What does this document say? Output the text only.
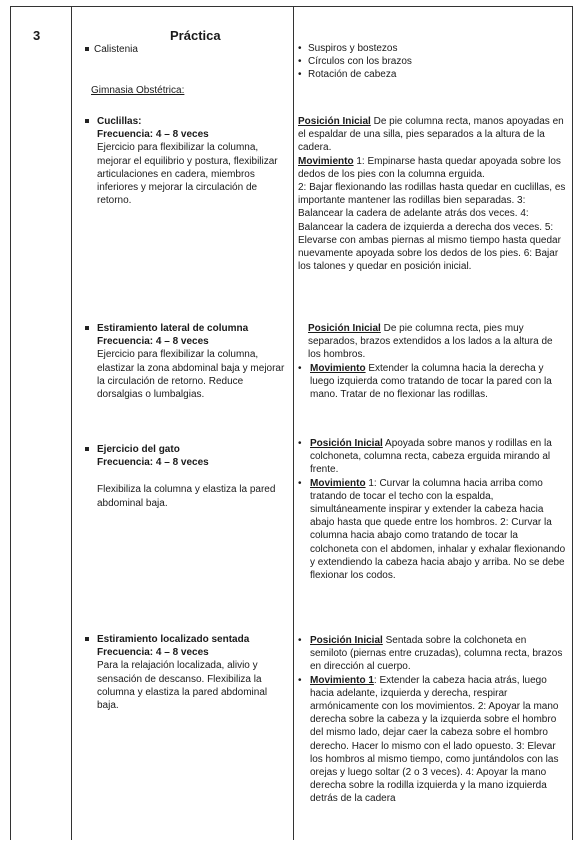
3	Práctica
Calistenia
•	Suspiros y bostezos
• Círculos con los brazos
• Rotación de cabeza
Gimnasia Obstétrica:

Cuclillas:

Frecuencia: 4 – 8 veces

Ejercicio para flexibilizar la columna, mejorar el equilibrio y postura, flexibilizar articulaciones en cadera, miembros inferiores y mejorar la circulación de retorno.

Posición Inicial De pie columna recta, manos apoyadas en el espaldar de una silla, pies separados a la altura de la cadera.

Movimiento 1: Empinarse hasta quedar apoyada sobre los dedos de los pies con la columna erguida.

2: Bajar flexionando las rodillas hasta quedar en cuclillas, es importante mantener las rodillas bien separadas. 3: Balancear la cadera de adelante atrás dos veces. 4: Balancear la cadera de izquierda a derecha dos veces. 5: Elevarse con ambas piernas al mismo tiempo hasta quedar nuevamente apoyada sobre los dedos de los pies. 6: Bajar los talones y quedar en posición inicial.

Estiramiento lateral de columna

Frecuencia: 4 – 8 veces

Ejercicio para flexibilizar la columna, elastizar la zona abdominal baja y mejorar la circulación de retorno. Reduce dorsalgias o lumbalgias.

Posición Inicial De pie columna recta, pies muy separados, brazos extendidos a los lados a la altura de los hombros.

• Movimiento Extender la columna hacia la derecha y luego izquierda como tratando de tocar la pared con la mano. Tratar de no flexionar las rodillas.

Ejercicio del gato

Frecuencia: 4 – 8 veces

Flexibiliza la columna y elastiza la pared abdominal baja.

• Posición Inicial Apoyada sobre manos y rodillas en la colchoneta, columna recta, cabeza erguida mirando al frente.

• Movimiento 1: Curvar la columna hacia arriba como tratando de tocar el techo con la espalda, simultáneamente inspirar y extender la cabeza hacia abajo hasta que quede entre los hombros. 2: Curvar la columna hacia abajo como tratando de tocar la colchoneta con el abdomen, inhalar y exhalar flexionando y extendiendo la cabeza hacia abajo y arriba. No se debe flexionar los codos.

Estiramiento localizado sentada

Frecuencia: 4 – 8 veces

Para la relajación localizada, alivio y sensación de descanso. Flexibiliza la columna y elastiza la pared abdominal baja.

• Posición Inicial Sentada sobre la colchoneta en semiloto (piernas entre cruzadas), columna recta, brazos en dirección al cuerpo.

• Movimiento 1: Extender la cabeza hacia atrás, luego hacia adelante, izquierda y derecha, respirar armónicamente con los movimientos. 2: Apoyar la mano derecha sobre la cabeza y la izquierda sobre el hombro del mismo lado, dejar caer la cabeza sobre el hombro derecho. Hacer lo mismo con el lado opuesto. 3: Elevar los hombros al mismo tiempo, como juntándolos con las orejas y luego soltar (2 o 3 veces). 4: Apoyar la mano derecha sobre la rodilla izquierda y la mano izquierda detrás de la cadera
